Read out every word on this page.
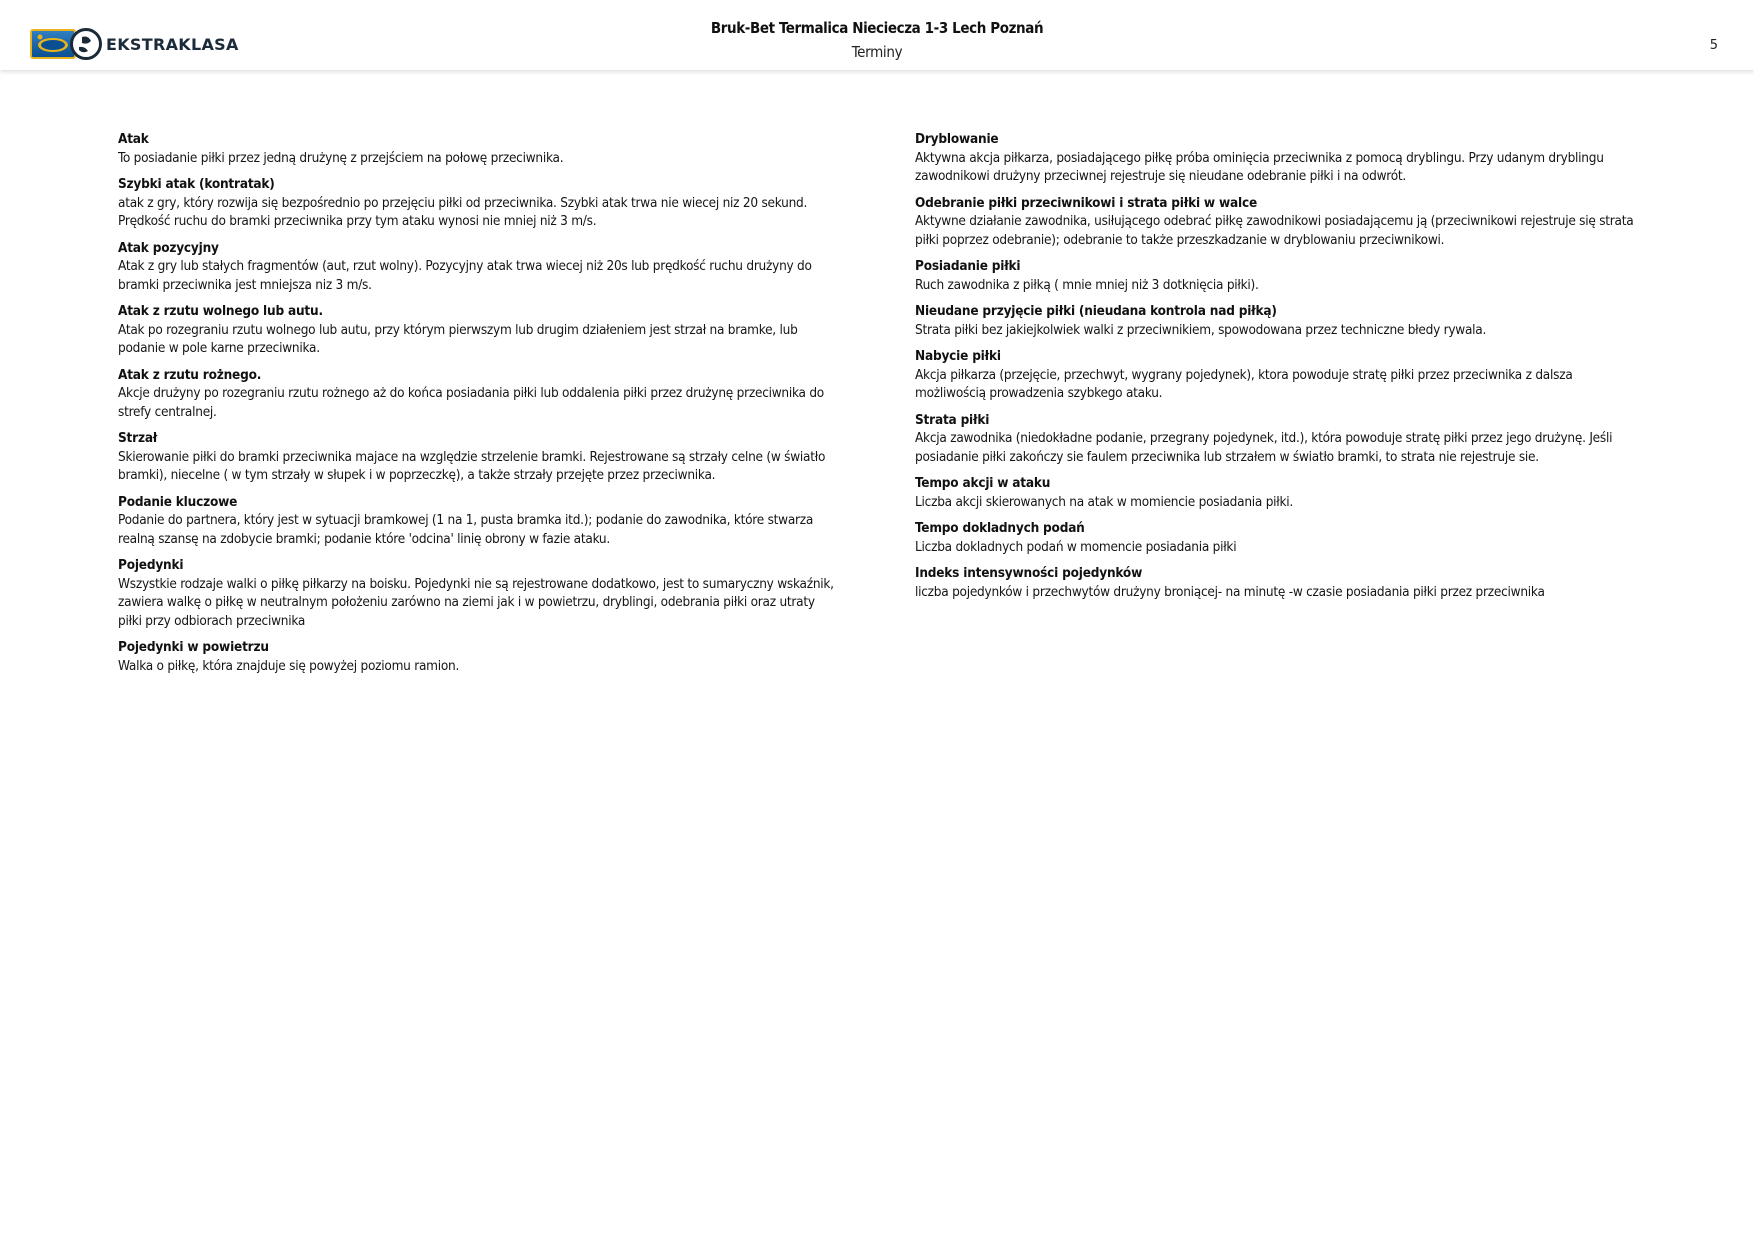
EKSTRAKLASA
Bruk-Bet Termalica Nieciecza 1-3 Lech Poznań
Terminy	5
Atak
To posiadanie piłki przez jedną drużynę z przejściem na połowę przeciwnika.
Szybki atak (kontratak)
atak z gry, który rozwija się bezpośrednio po przejęciu piłki od przeciwnika. Szybki atak trwa nie wiecej niz 20 sekund. Prędkość ruchu do bramki przeciwnika przy tym ataku wynosi nie mniej niż 3 m/s.
Atak pozycyjny
Atak z gry lub stałych fragmentów (aut, rzut wolny). Pozycyjny atak trwa wiecej niż 20s lub prędkość ruchu drużyny do bramki przeciwnika jest mniejsza niz 3 m/s.
Atak z rzutu wolnego lub autu.
Atak po rozegraniu rzutu wolnego lub autu, przy którym pierwszym lub drugim działeniem jest strzał na bramke, lub podanie w pole karne przeciwnika.
Atak z rzutu rożnego.
Akcje drużyny po rozegraniu rzutu rożnego aż do końca posiadania piłki lub oddalenia piłki przez drużynę przeciwnika do strefy centralnej.
Strzał
Skierowanie piłki do bramki przeciwnika majace na względzie strzelenie bramki. Rejestrowane są strzały celne (w światło bramki), niecelne ( w tym strzały w słupek i w poprzeczkę), a także strzały przejęte przez przeciwnika.
Podanie kluczowe
Podanie do partnera, który jest w sytuacji bramkowej (1 na 1, pusta bramka itd.); podanie do zawodnika, które stwarza realną szansę na zdobycie bramki; podanie które 'odcina' linię obrony w fazie ataku.
Pojedynki
Wszystkie rodzaje walki o piłkę piłkarzy na boisku. Pojedynki nie są rejestrowane dodatkowo, jest to sumaryczny wskaźnik, zawiera walkę o piłkę w neutralnym położeniu zarówno na ziemi jak i w powietrzu, dryblingi, odebrania piłki oraz utraty piłki przy odbiorach przeciwnika
Pojedynki w powietrzu
Walka o piłkę, która znajduje się powyżej poziomu ramion.
Dryblowanie
Aktywna akcja piłkarza, posiadającego piłkę próba ominięcia przeciwnika z pomocą dryblingu. Przy udanym dryblingu zawodnikowi drużyny przeciwnej rejestruje się nieudane odebranie piłki i na odwrót.
Odebranie piłki przeciwnikowi i strata piłki w walce
Aktywne działanie zawodnika, usiłującego odebrać piłkę zawodnikowi posiadającemu ją (przeciwnikowi rejestruje się strata piłki poprzez odebranie); odebranie to także przeszkadzanie w dryblowaniu przeciwnikowi.
Posiadanie piłki
Ruch zawodnika z piłką ( mnie mniej niż 3 dotknięcia piłki).
Nieudane przyjęcie piłki (nieudana kontrola nad piłką)
Strata piłki bez jakiejkolwiek walki z przeciwnikiem, spowodowana przez techniczne błedy rywala.
Nabycie piłki
Akcja piłkarza (przejęcie, przechwyt, wygrany pojedynek), ktora powoduje stratę piłki przez przeciwnika z dalsza możliwością prowadzenia szybkego ataku.
Strata piłki
Akcja zawodnika (niedokładne podanie, przegrany pojedynek, itd.), która powoduje stratę piłki przez jego drużynę. Jeśli posiadanie piłki zakończy sie faulem przeciwnika lub strzałem w światło bramki, to strata nie rejestruje sie.
Tempo akcji w ataku
Liczba akcji skierowanych na atak w momiencie posiadania piłki.
Tempo dokladnych podań
Liczba dokladnych podań w momencie posiadania piłki
Indeks intensywności pojedynków
liczba pojedynków i przechwytów drużyny broniącej- na minutę -w czasie posiadania piłki przez przeciwnika
